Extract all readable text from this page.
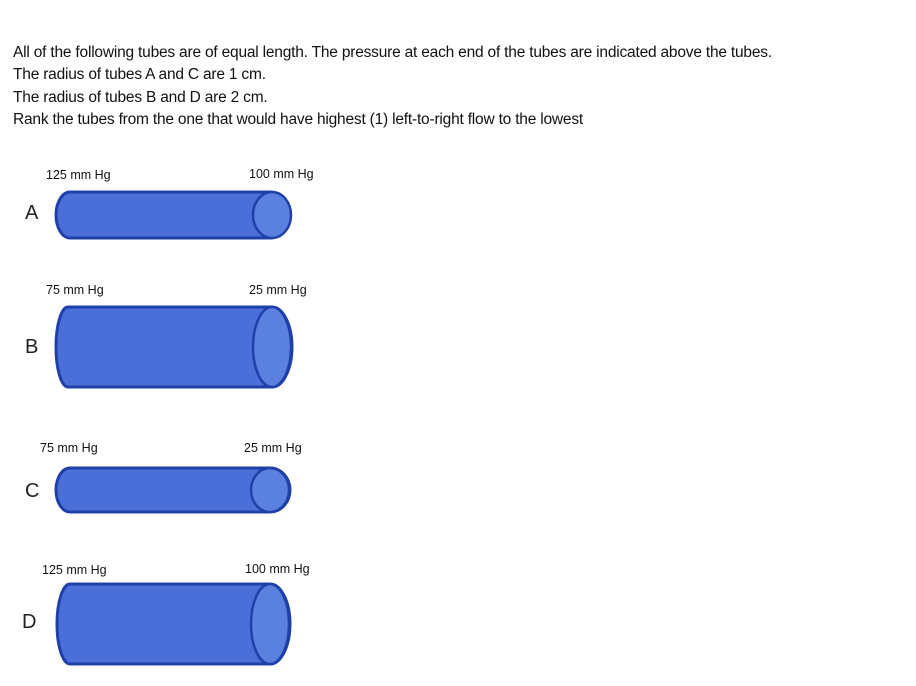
All of the following tubes are of equal length. The pressure at each end of the tubes are indicated above the tubes.
The radius of tubes A and C are 1 cm.
The radius of tubes B and D are 2 cm.
Rank the tubes from the one that would have highest (1) left-to-right flow to the lowest
A
125 mm Hg	100 mm Hg
B
75 mm Hg	25 mm Hg
C
75 mm Hg	25 mm Hg
D
125 mm Hg	100 mm Hg
